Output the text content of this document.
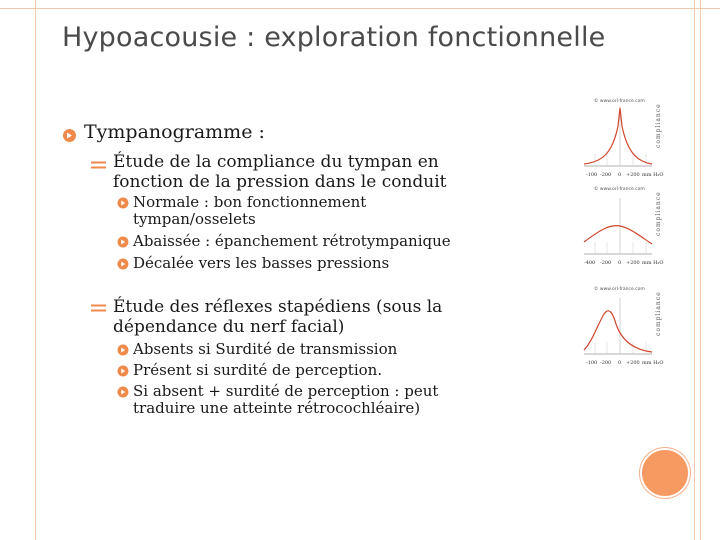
Hypoacousie : exploration fonctionnelle
Tympanogramme :
Étude de la compliance du tympan en
fonction de la pression dans le conduit
Normale : bon fonctionnement
tympan/osselets
Abaissée : épanchement rétrotympanique
Décalée vers les basses pressions
Étude des réflexes stapédiens (sous la
dépendance du nerf facial)
Absents si Surdité de transmission
Présent si surdité de perception.
Si absent + surdité de perception : peut
traduire une atteinte rétrocochléaire)
© www.orl-france.com
compliance
-100 -200 0 +200 mm H₂O
© www.orl-france.com
compliance
-400 -200 0 +200 mm H₂O
© www.orl-france.com
compliance
-100 -200 0 +200 mm H₂O
